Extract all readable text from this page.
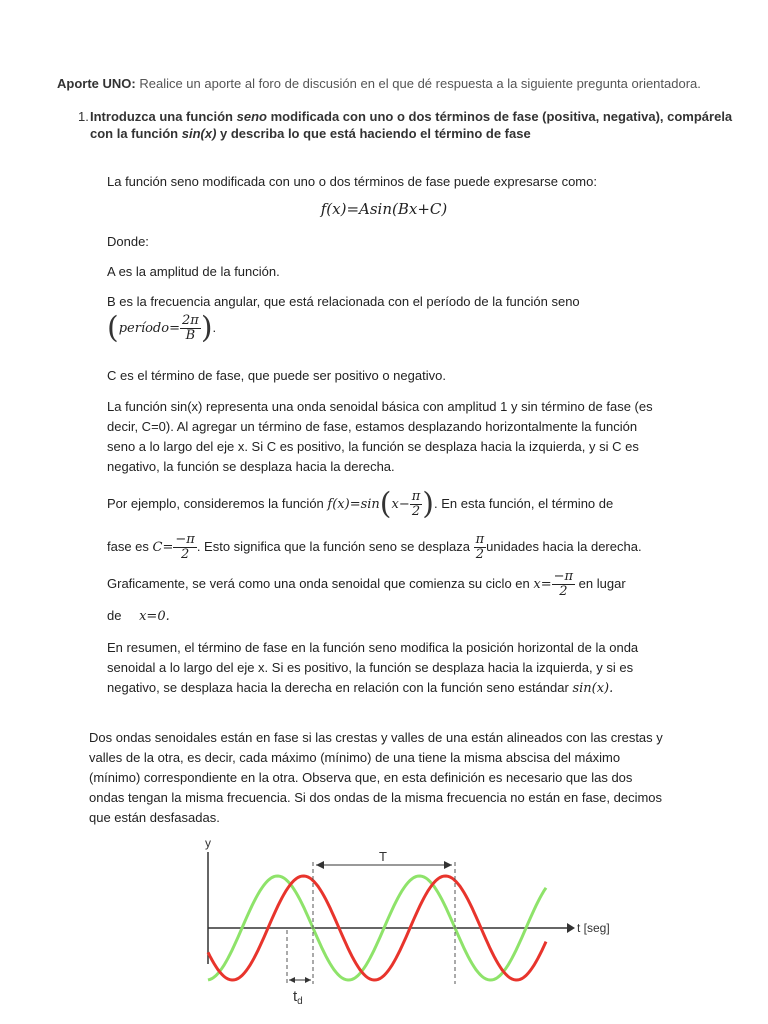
Aporte UNO: Realice un aporte al foro de discusión en el que dé respuesta a la siguiente pregunta orientadora.
1. Introduzca una función seno modificada con uno o dos términos de fase (positiva, negativa), compárela con la función sin(x) y describa lo que está haciendo el término de fase
La función seno modificada con uno o dos términos de fase puede expresarse como:
f(x)=Asin(Bx+C)
Donde:
A es la amplitud de la función.
B es la frecuencia angular, que está relacionada con el período de la función seno
(período= $\frac{2\pi}{B}$ ).
C es el término de fase, que puede ser positivo o negativo.
La función sin(x) representa una onda senoidal básica con amplitud 1 y sin término de fase (es decir, C=0). Al agregar un término de fase, estamos desplazando horizontalmente la función seno a lo largo del eje x. Si C es positivo, la función se desplaza hacia la izquierda, y si C es negativo, la función se desplaza hacia la derecha.
Por ejemplo, consideremos la función $f(x)=\sin(x- \frac{\pi}{2}$ ). En esta función, el término de
fase es $C= \frac{-\pi}{2}$ . Esto significa que la función seno se desplaza $\frac{\pi}{2}$ unidades hacia la derecha.
Graficamente, se verá como una onda senoidal que comienza su ciclo en $x= \frac{-\pi}{2}$ en lugar
de x=0.
En resumen, el término de fase en la función seno modifica la posición horizontal de la onda senoidal a lo largo del eje x. Si es positivo, la función se desplaza hacia la izquierda, y si es negativo, se desplaza hacia la derecha en relación con la función seno estándar sin(x).
Dos ondas senoidales están en fase si las crestas y valles de una están alineados con las crestas y valles de la otra, es decir, cada máximo (mínimo) de una tiene la misma abscisa del máximo (mínimo) correspondiente en la otra. Observa que, en esta definición es necesario que las dos ondas tengan la misma frecuencia. Si dos ondas de la misma frecuencia no están en fase, decimos que están desfasadas.
y
t [seg]
T
$t_d$
